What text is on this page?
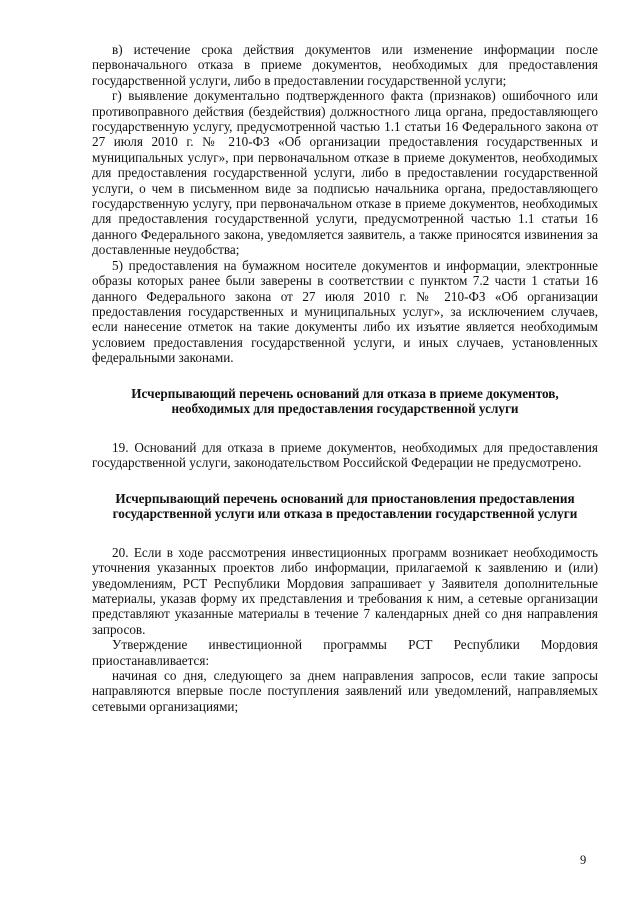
в) истечение срока действия документов или изменение информации после первоначального отказа в приеме документов, необходимых для предоставления государственной услуги, либо в предоставлении государственной услуги;

г) выявление документально подтвержденного факта (признаков) ошибочного или противоправного действия (бездействия) должностного лица органа, предоставляющего государственную услугу, предусмотренной частью 1.1 статьи 16 Федерального закона от 27 июля 2010 г. № 210-ФЗ «Об организации предоставления государственных и муниципальных услуг», при первоначальном отказе в приеме документов, необходимых для предоставления государственной услуги, либо в предоставлении государственной услуги, о чем в письменном виде за подписью начальника органа, предоставляющего государственную услугу, при первоначальном отказе в приеме документов, необходимых для предоставления государственной услуги, предусмотренной частью 1.1 статьи 16 данного Федерального закона, уведомляется заявитель, а также приносятся извинения за доставленные неудобства;

5) предоставления на бумажном носителе документов и информации, электронные образы которых ранее были заверены в соответствии с пунктом 7.2 части 1 статьи 16 данного Федерального закона от 27 июля 2010 г. № 210-ФЗ «Об организации предоставления государственных и муниципальных услуг», за исключением случаев, если нанесение отметок на такие документы либо их изъятие является необходимым условием предоставления государственной услуги, и иных случаев, установленных федеральными законами.

Исчерпывающий перечень оснований для отказа в приеме документов, необходимых для предоставления государственной услуги

19. Оснований для отказа в приеме документов, необходимых для предоставления государственной услуги, законодательством Российской Федерации не предусмотрено.

Исчерпывающий перечень оснований для приостановления предоставления государственной услуги или отказа в предоставлении государственной услуги

20. Если в ходе рассмотрения инвестиционных программ возникает необходимость уточнения указанных проектов либо информации, прилагаемой к заявлению и (или) уведомлениям, РСТ Республики Мордовия запрашивает у Заявителя дополнительные материалы, указав форму их представления и требования к ним, а сетевые организации представляют указанные материалы в течение 7 календарных дней со дня направления запросов.

Утверждение инвестиционной программы РСТ Республики Мордовия приостанавливается:

начиная со дня, следующего за днем направления запросов, если такие запросы направляются впервые после поступления заявлений или уведомлений, направляемых сетевыми организациями;

9
